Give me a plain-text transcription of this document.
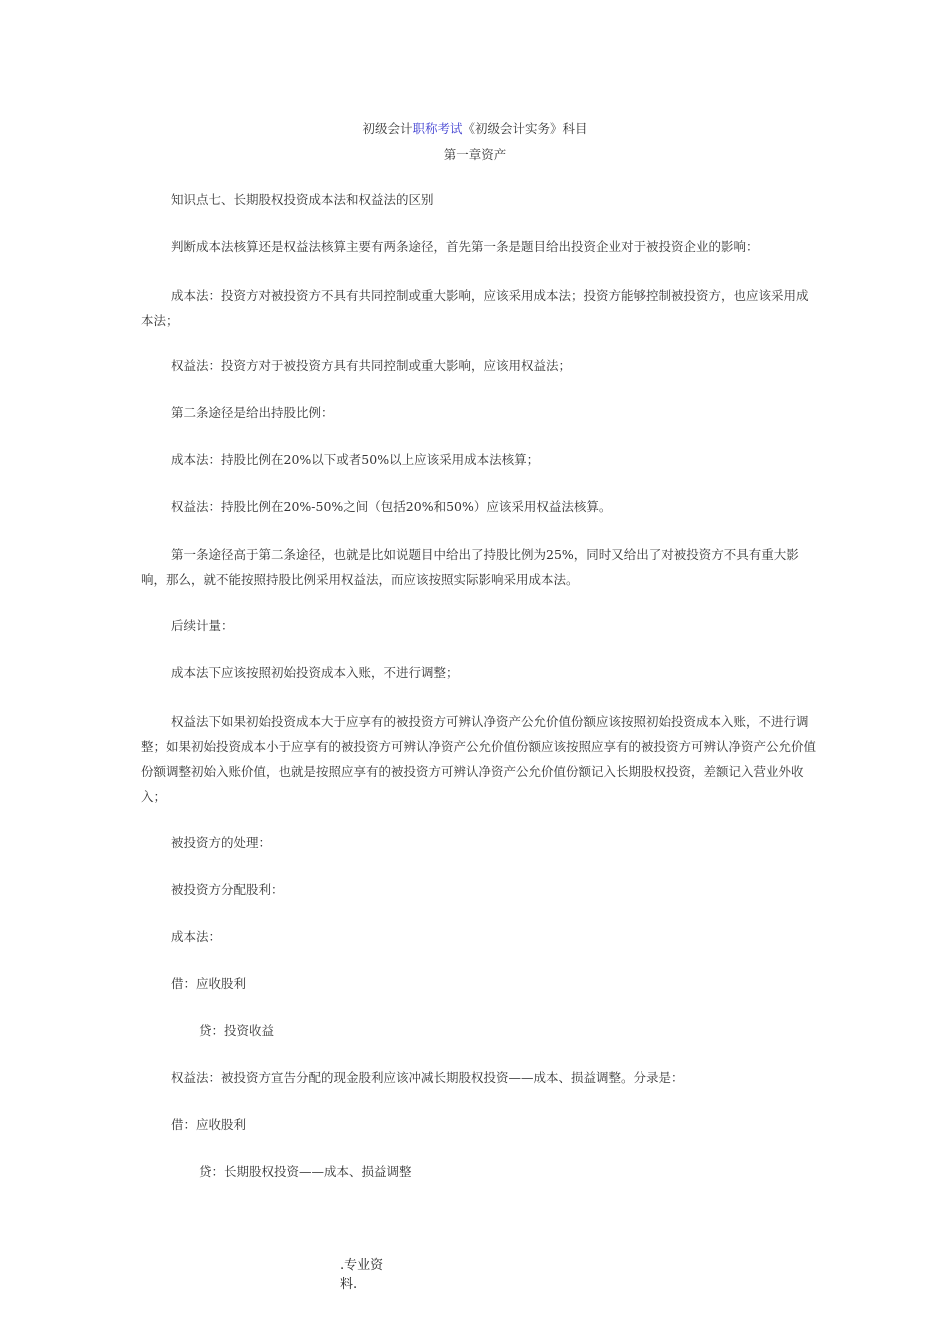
初级会计职称考试《初级会计实务》科目
第一章资产
知识点七、长期股权投资成本法和权益法的区别
判断成本法核算还是权益法核算主要有两条途径，首先第一条是题目给出投资企业对于被投资企业的影响：
成本法：投资方对被投资方不具有共同控制或重大影响，应该采用成本法；投资方能够控制被投资方，也应该采用成本法；
权益法：投资方对于被投资方具有共同控制或重大影响，应该用权益法；
第二条途径是给出持股比例：
成本法：持股比例在20%以下或者50%以上应该采用成本法核算；
权益法：持股比例在20%-50%之间（包括20%和50%）应该采用权益法核算。
第一条途径高于第二条途径，也就是比如说题目中给出了持股比例为25%，同时又给出了对被投资方不具有重大影响，那么，就不能按照持股比例采用权益法，而应该按照实际影响采用成本法。
后续计量：
成本法下应该按照初始投资成本入账，不进行调整；
权益法下如果初始投资成本大于应享有的被投资方可辨认净资产公允价值份额应该按照初始投资成本入账，不进行调整；如果初始投资成本小于应享有的被投资方可辨认净资产公允价值份额应该按照应享有的被投资方可辨认净资产公允价值份额调整初始入账价值，也就是按照应享有的被投资方可辨认净资产公允价值份额记入长期股权投资，差额记入营业外收入；
被投资方的处理：
被投资方分配股利：
成本法：
借：应收股利
贷：投资收益
权益法：被投资方宣告分配的现金股利应该冲减长期股权投资——成本、损益调整。分录是：
借：应收股利
贷：长期股权投资——成本、损益调整
.专业资料.
